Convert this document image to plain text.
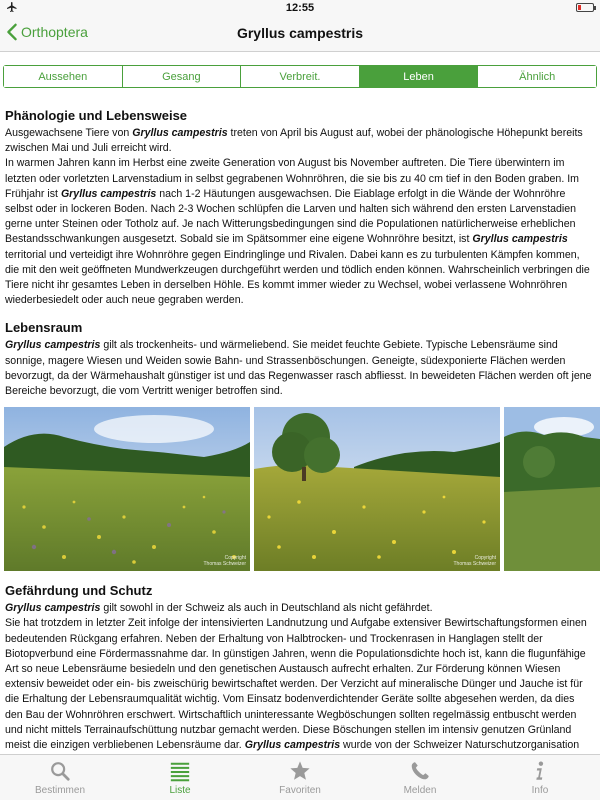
12:55
Orthoptera	Gryllus campestris
Aussehen	Gesang	Verbreit.	Leben	Ähnlich
Phänologie und Lebensweise

Ausgewachsene Tiere von Gryllus campestris treten von April bis August auf, wobei der phänologische Höhepunkt bereits zwischen Mai und Juli erreicht wird.

In warmen Jahren kann im Herbst eine zweite Generation von August bis November auftreten. Die Tiere überwintern im letzten oder vorletzten Larvenstadium in selbst gegrabenen Wohnröhren, die sie bis zu 40 cm tief in den Boden graben. Im Frühjahr ist Gryllus campestris nach 1-2 Häutungen ausgewachsen. Die Eiablage erfolgt in die Wände der Wohnröhre selbst oder in lockeren Boden. Nach 2-3 Wochen schlüpfen die Larven und halten sich während den ersten Larvenstadien gerne unter Steinen oder Totholz auf. Je nach Witterungsbedingungen sind die Populationen natürlicherweise erheblichen Bestandsschwankungen ausgesetzt. Sobald sie im Spätsommer eine eigene Wohnröhre besitzt, ist Gryllus campestris territorial und verteidigt ihre Wohnröhre gegen Eindringlinge und Rivalen. Dabei kann es zu turbulenten Kämpfen kommen, die mit den weit geöffneten Mundwerkzeugen durchgeführt werden und tödlich enden können. Wahrscheinlich verbringen die Tiere nicht ihr gesamtes Leben in derselben Höhle. Es kommt immer wieder zu Wechsel, wobei verlassene Wohnröhren wiederbesiedelt oder auch neue gegraben werden.

Lebensraum

Gryllus campestris gilt als trockenheits- und wärmeliebend. Sie meidet feuchte Gebiete. Typische Lebensräume sind sonnige, magere Wiesen und Weiden sowie Bahn- und Strassenböschungen. Geneigte, südexponierte Flächen werden bevorzugt, da der Wärmehaushalt günstiger ist und das Regenwasser rasch abfliesst. In beweideten Flächen werden oft jene Bereiche bevorzugt, die vom Vertritt weniger betroffen sind.

Copyright
Thomas Schweizer
Copyright
Thomas Schweizer
Gefährdung und Schutz

Gryllus campestris gilt sowohl in der Schweiz als auch in Deutschland als nicht gefährdet.

Sie hat trotzdem in letzter Zeit infolge der intensivierten Landnutzung und Aufgabe extensiver Bewirtschaftungsformen einen bedeutenden Rückgang erfahren. Neben der Erhaltung von Halbtrocken- und Trockenrasen in Hanglagen stellt der Biotopverbund eine Fördermassnahme dar. In günstigen Jahren, wenn die Populationsdichte hoch ist, kann die flugunfähige Art so neue Lebensräume besiedeln und den genetischen Austausch aufrecht erhalten. Zur Förderung können Wiesen extensiv beweidet oder ein- bis zweischürig bewirtschaftet werden. Der Verzicht auf mineralische Dünger und Jauche ist für die Erhaltung der Lebensraumqualität wichtig. Vom Einsatz bodenverdichtender Geräte sollte abgesehen werden, da dies den Bau der Wohnröhren erschwert. Wirtschaftlich uninteressante Wegböschungen sollten regelmässig entbuscht werden und nicht mittels Terrainaufschüttung nutzbar gemacht werden. Diese Böschungen stellen im intensiv genutzen Grünland meist die einzigen verbliebenen Lebensräume dar. Gryllus campestris wurde von der Schweizer Naturschutzorganisation

Bestimmen	Liste	Favoriten	Melden	Info
